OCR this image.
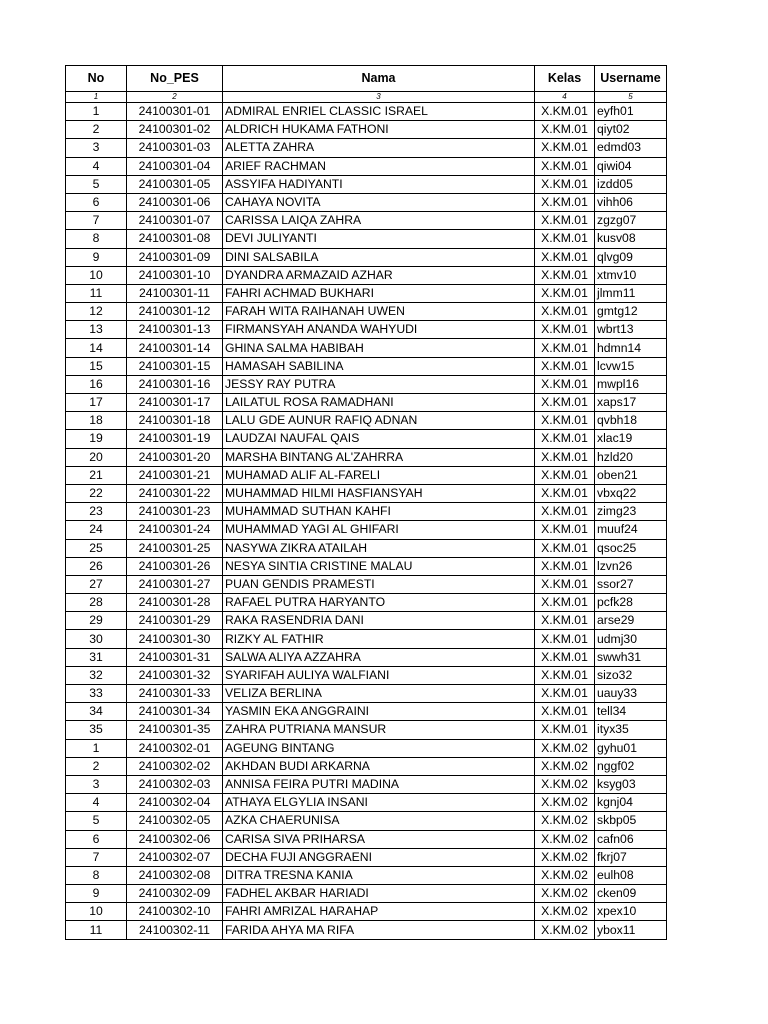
No	No_PES	Nama	Kelas	Username
1	2	3	4	5
1	24100301-01	ADMIRAL ENRIEL CLASSIC ISRAEL	X.KM.01	eyfh01
2	24100301-02	ALDRICH HUKAMA FATHONI	X.KM.01	qiyt02
3	24100301-03	ALETTA ZAHRA	X.KM.01	edmd03
4	24100301-04	ARIEF RACHMAN	X.KM.01	qiwi04
5	24100301-05	ASSYIFA HADIYANTI	X.KM.01	izdd05
6	24100301-06	CAHAYA NOVITA	X.KM.01	vihh06
7	24100301-07	CARISSA LAIQA ZAHRA	X.KM.01	zgzg07
8	24100301-08	DEVI JULIYANTI	X.KM.01	kusv08
9	24100301-09	DINI SALSABILA	X.KM.01	qlvg09
10	24100301-10	DYANDRA ARMAZAID AZHAR	X.KM.01	xtmv10
11	24100301-11	FAHRI ACHMAD BUKHARI	X.KM.01	jlmm11
12	24100301-12	FARAH WITA RAIHANAH UWEN	X.KM.01	gmtg12
13	24100301-13	FIRMANSYAH ANANDA WAHYUDI	X.KM.01	wbrt13
14	24100301-14	GHINA SALMA HABIBAH	X.KM.01	hdmn14
15	24100301-15	HAMASAH SABILINA	X.KM.01	lcvw15
16	24100301-16	JESSY RAY PUTRA	X.KM.01	mwpl16
17	24100301-17	LAILATUL ROSA RAMADHANI	X.KM.01	xaps17
18	24100301-18	LALU GDE AUNUR RAFIQ ADNAN	X.KM.01	qvbh18
19	24100301-19	LAUDZAI NAUFAL QAIS	X.KM.01	xlac19
20	24100301-20	MARSHA BINTANG AL'ZAHRRA	X.KM.01	hzld20
21	24100301-21	MUHAMAD ALIF AL-FARELI	X.KM.01	oben21
22	24100301-22	MUHAMMAD HILMI HASFIANSYAH	X.KM.01	vbxq22
23	24100301-23	MUHAMMAD SUTHAN KAHFI	X.KM.01	zimg23
24	24100301-24	MUHAMMAD YAGI AL GHIFARI	X.KM.01	muuf24
25	24100301-25	NASYWA ZIKRA ATAILAH	X.KM.01	qsoc25
26	24100301-26	NESYA SINTIA CRISTINE MALAU	X.KM.01	lzvn26
27	24100301-27	PUAN GENDIS PRAMESTI	X.KM.01	ssor27
28	24100301-28	RAFAEL PUTRA HARYANTO	X.KM.01	pcfk28
29	24100301-29	RAKA RASENDRIA DANI	X.KM.01	arse29
30	24100301-30	RIZKY AL FATHIR	X.KM.01	udmj30
31	24100301-31	SALWA ALIYA AZZAHRA	X.KM.01	swwh31
32	24100301-32	SYARIFAH AULIYA WALFIANI	X.KM.01	sizo32
33	24100301-33	VELIZA BERLINA	X.KM.01	uauy33
34	24100301-34	YASMIN EKA ANGGRAINI	X.KM.01	tell34
35	24100301-35	ZAHRA PUTRIANA MANSUR	X.KM.01	ityx35
1	24100302-01	AGEUNG BINTANG	X.KM.02	gyhu01
2	24100302-02	AKHDAN BUDI ARKARNA	X.KM.02	nggf02
3	24100302-03	ANNISA FEIRA PUTRI MADINA	X.KM.02	ksyg03
4	24100302-04	ATHAYA ELGYLIA INSANI	X.KM.02	kgnj04
5	24100302-05	AZKA CHAERUNISA	X.KM.02	skbp05
6	24100302-06	CARISA SIVA PRIHARSA	X.KM.02	cafn06
7	24100302-07	DECHA FUJI ANGGRAENI	X.KM.02	fkrj07
8	24100302-08	DITRA TRESNA KANIA	X.KM.02	eulh08
9	24100302-09	FADHEL AKBAR HARIADI	X.KM.02	cken09
10	24100302-10	FAHRI AMRIZAL HARAHAP	X.KM.02	xpex10
11	24100302-11	FARIDA AHYA MA RIFA	X.KM.02	ybox11
